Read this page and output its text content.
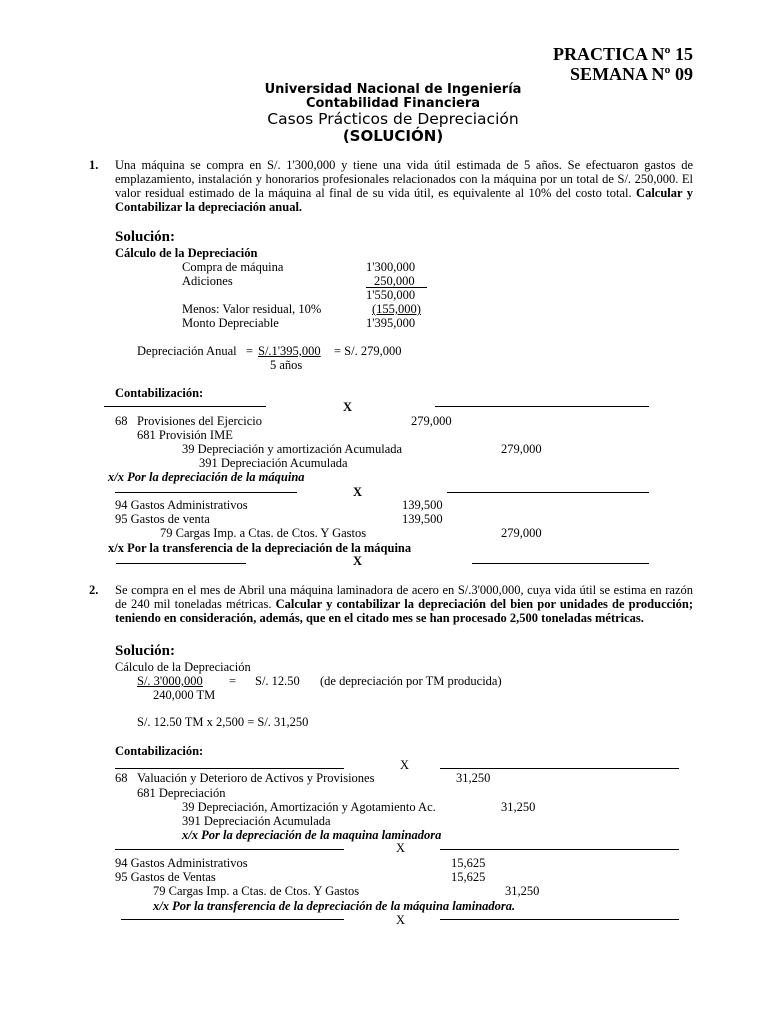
PRACTICA Nº 15
SEMANA Nº 09
Universidad Nacional de Ingeniería
Contabilidad Financiera
Casos Prácticos de Depreciación
(SOLUCIÓN)
1. Una máquina se compra en S/. 1'300,000 y tiene una vida útil estimada de 5 años. Se efectuaron gastos de emplazamiento, instalación y honorarios profesionales relacionados con la máquina por un total de S/. 250,000. El valor residual estimado de la máquina al final de su vida útil, es equivalente al 10% del costo total. Calcular y Contabilizar la depreciación anual.
Solución:
Cálculo de la Depreciación
Compra de máquina	1'300,000
Adiciones	250,000
1'550,000
Menos: Valor residual, 10%	(155,000)
Monto Depreciable	1'395,000
Depreciación Anual = S/.1'395,000 = S/. 279,000
5 años
Contabilización:
X
68 Provisiones del Ejercicio	279,000
681 Provisión IME
39 Depreciación y amortización Acumulada	279,000
391 Depreciación Acumulada
x/x Por la depreciación de la máquina
X
94 Gastos Administrativos	139,500
95 Gastos de venta	139,500
79 Cargas Imp. a Ctas. de Ctos. Y Gastos	279,000
x/x Por la transferencia de la depreciación de la máquina
X
2. Se compra en el mes de Abril una máquina laminadora de acero en S/.3'000,000, cuya vida útil se estima en razón de 240 mil toneladas métricas. Calcular y contabilizar la depreciación del bien por unidades de producción; teniendo en consideración, además, que en el citado mes se han procesado 2,500 toneladas métricas.
Solución:
Cálculo de la Depreciación
S/. 3'000,000 = S/. 12.50 (de depreciación por TM producida)
240,000 TM
S/. 12.50 TM x 2,500 = S/. 31,250
Contabilización:
X
68 Valuación y Deterioro de Activos y Provisiones	31,250
681 Depreciación
39 Depreciación, Amortización y Agotamiento Ac.	31,250
391 Depreciación Acumulada
x/x Por la depreciación de la maquina laminadora
X
94 Gastos Administrativos	15,625
95 Gastos de Ventas	15,625
79 Cargas Imp. a Ctas. de Ctos. Y Gastos	31,250
x/x Por la transferencia de la depreciación de la máquina laminadora.
X
